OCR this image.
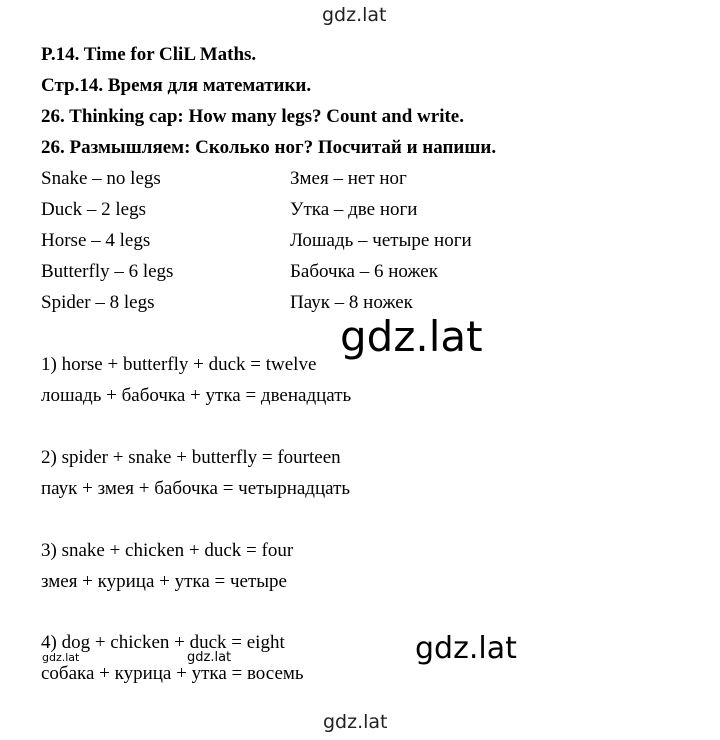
gdz.lat
P.14. Time for CliL Maths.
Стр.14. Время для математики.
26. Thinking cap: How many legs? Count and write.
26. Размышляем: Сколько ног? Посчитай и напиши.
Snake – no legs	Змея – нет ног
Duck – 2 legs	Утка – две ноги
Horse – 4 legs	Лошадь – четыре ноги
Butterfly – 6 legs	Бабочка – 6 ножек
Spider – 8 legs	Паук – 8 ножек
gdz.lat
1) horse + butterfly + duck = twelve
лошадь + бабочка + утка = двенадцать
2) spider + snake + butterfly = fourteen
паук + змея + бабочка = четырнадцать
3) snake + chicken + duck = four
змея + курица + утка = четыре
4) dog + chicken + duck = eight
собака + курица + утка = восемь
gdz.lat
gdz.lat	gdz.lat
gdz.lat
